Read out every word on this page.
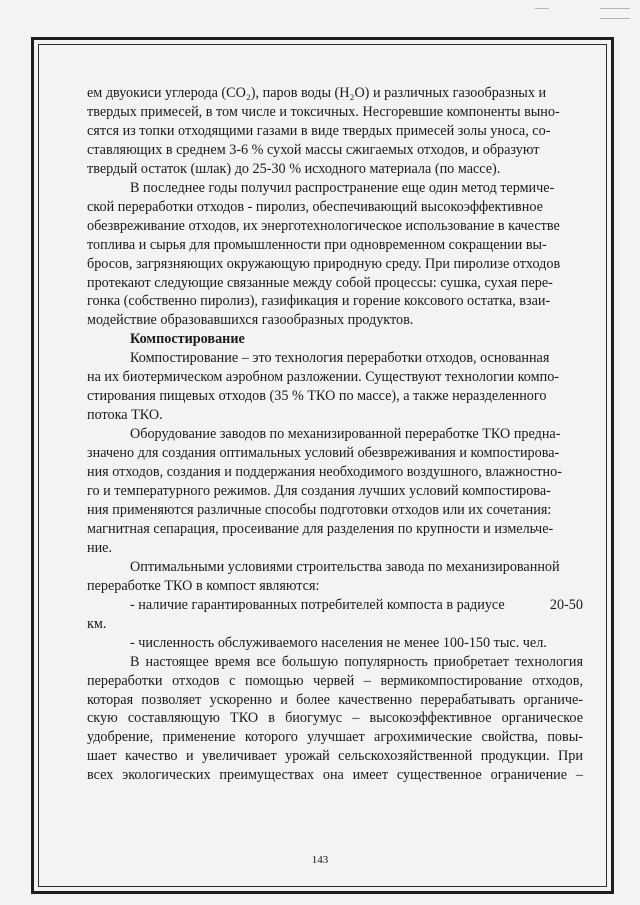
ем двуокиси углерода (CO₂), паров воды (H₂O) и различных газообразных и
твердых примесей, в том числе и токсичных. Несгоревшие компоненты выно-
сятся из топки отходящими газами в виде твердых примесей золы уноса, со-
ставляющих в среднем 3-6 % сухой массы сжигаемых отходов, и образуют
твердый остаток (шлак) до 25-30 % исходного материала (по массе).

В последнее годы получил распространение еще один метод термиче-
ской переработки отходов - пиролиз, обеспечивающий высокоэффективное
обезвреживание отходов, их энерготехнологическое использование в качестве
топлива и сырья для промышленности при одновременном сокращении вы-
бросов, загрязняющих окружающую природную среду. При пиролизе отходов
протекают следующие связанные между собой процессы: сушка, сухая пере-
гонка (собственно пиролиз), газификация и горение коксового остатка, взаи-
модействие образовавшихся газообразных продуктов.

Компостирование

Компостирование – это технология переработки отходов, основанная
на их биотермическом аэробном разложении. Существуют технологии компо-
стирования пищевых отходов (35 % ТКО по массе), а также неразделенного
потока ТКО.

Оборудование заводов по механизированной переработке ТКО предна-
значено для создания оптимальных условий обезвреживания и компостирова-
ния отходов, создания и поддержания необходимого воздушного, влажностно-
го и температурного режимов. Для создания лучших условий компостирова-
ния применяются различные способы подготовки отходов или их сочетания:
магнитная сепарация, просеивание для разделения по крупности и измельче-
ние.

Оптимальными условиями строительства завода по механизированной
переработке ТКО в компост являются:

- наличие гарантированных потребителей компоста в радиусе	20-50

км.

- численность обслуживаемого населения не менее 100-150 тыс. чел.

В настоящее время все большую популярность приобретает технология
переработки отходов с помощью червей – вермикомпостирование отходов,
которая позволяет ускоренно и более качественно перерабатывать органиче-
скую составляющую ТКО в биогумус – высокоэффективное органическое
удобрение, применение которого улучшает агрохимические свойства, повы-
шает качество и увеличивает урожай сельскохозяйственной продукции. При
всех экологических преимуществах она имеет существенное ограничение –

143
